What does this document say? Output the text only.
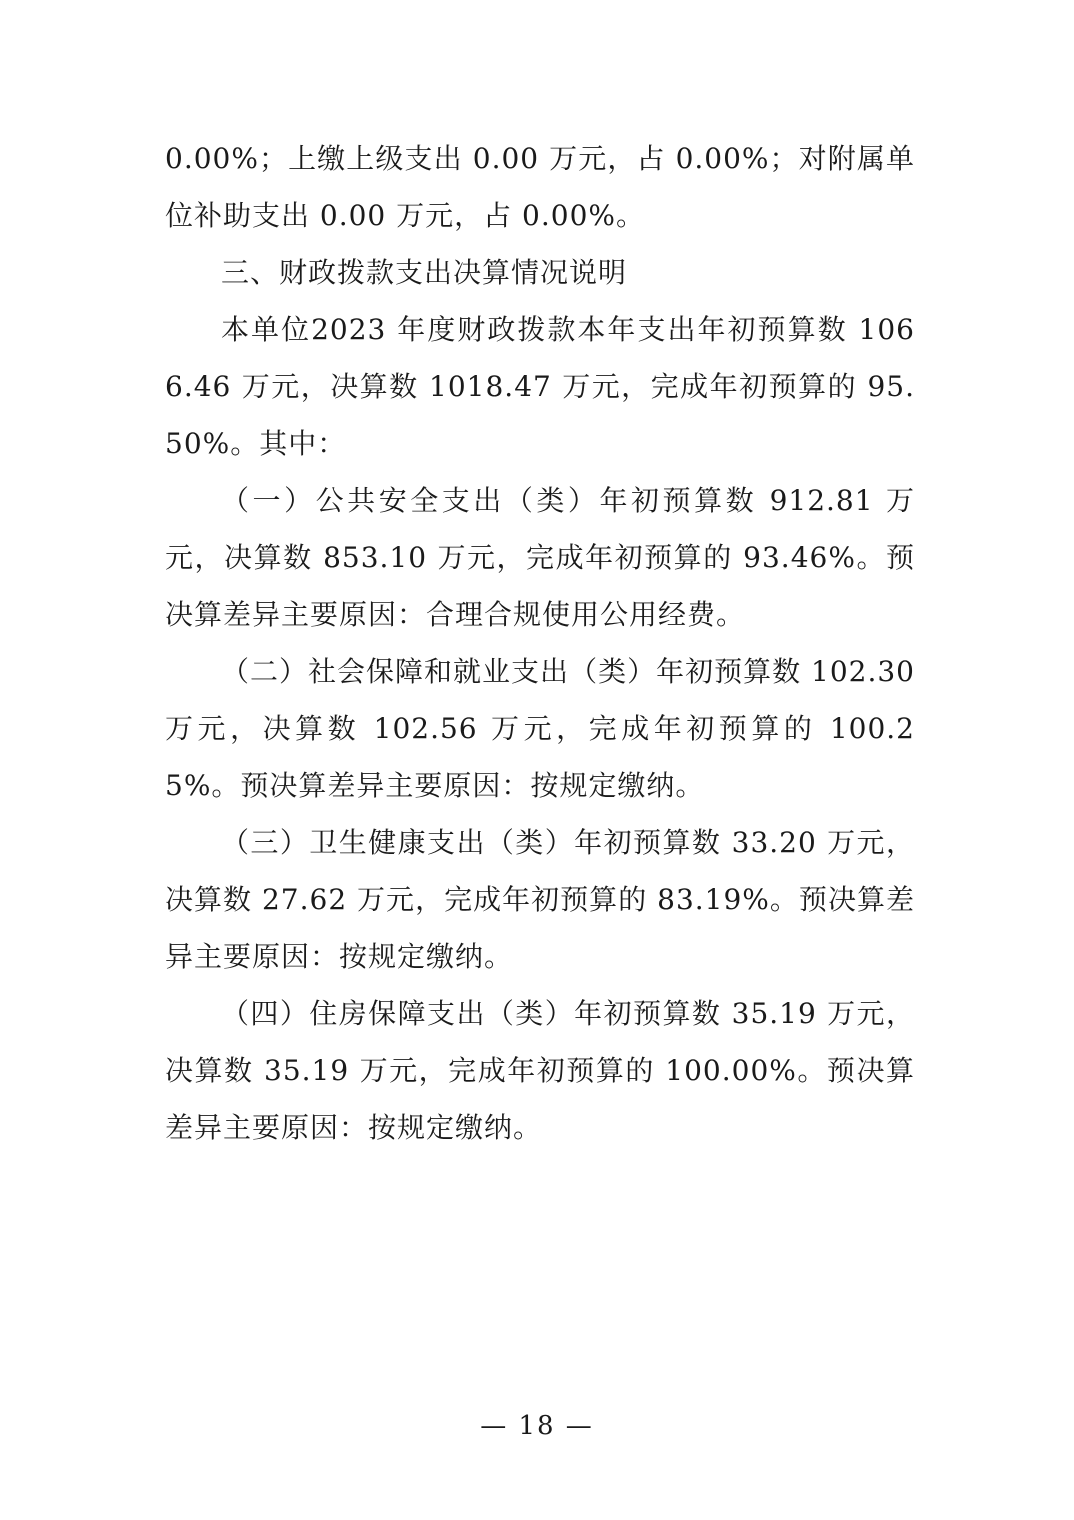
0.00%；上缴上级支出 0.00 万元，占 0.00%；对附属单位补助支出 0.00 万元，占 0.00%。

三、财政拨款支出决算情况说明

本单位2023 年度财政拨款本年支出年初预算数 1066.46 万元，决算数 1018.47 万元，完成年初预算的 95.50%。其中：

（一）公共安全支出（类）年初预算数 912.81 万元，决算数 853.10 万元，完成年初预算的 93.46%。预决算差异主要原因：合理合规使用公用经费。

（二）社会保障和就业支出（类）年初预算数 102.30 万元，决算数 102.56 万元，完成年初预算的 100.25%。预决算差异主要原因：按规定缴纳。

（三）卫生健康支出（类）年初预算数 33.20 万元，决算数 27.62 万元，完成年初预算的 83.19%。预决算差异主要原因：按规定缴纳。

（四）住房保障支出（类）年初预算数 35.19 万元，决算数 35.19 万元，完成年初预算的 100.00%。预决算差异主要原因：按规定缴纳。

— 18 —
